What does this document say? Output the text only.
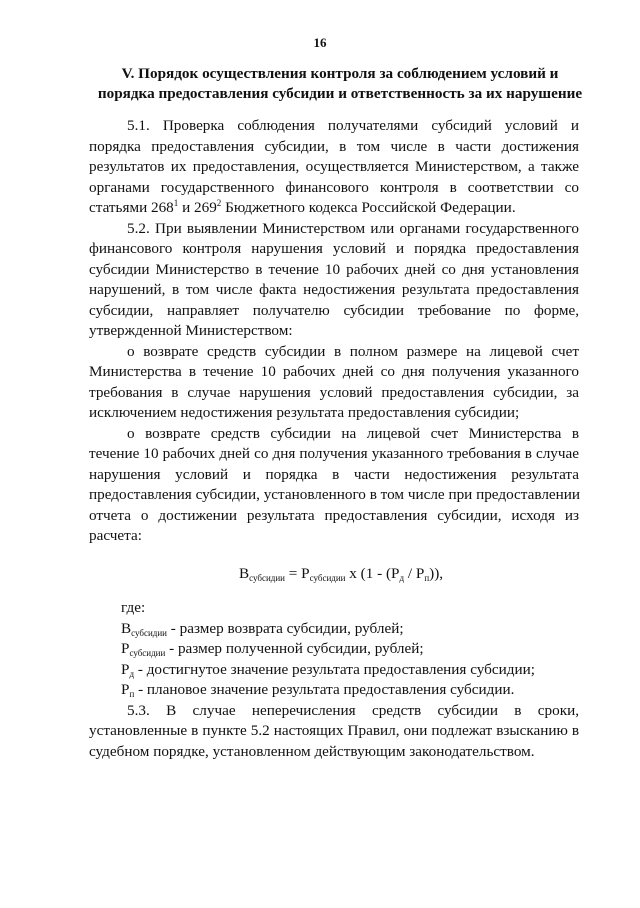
16
V. Порядок осуществления контроля за соблюдением условий и
порядка предоставления субсидии и ответственность за их нарушение

5.1. Проверка соблюдения получателями субсидий условий и
порядка предоставления субсидии, в том числе в части достижения
результатов их предоставления, осуществляется Министерством, а также
органами государственного финансового контроля в соответствии со
статьями $268^1$ и $269^2$ Бюджетного кодекса Российской Федерации.

5.2. При выявлении Министерством или органами государственного
финансового контроля нарушения условий и порядка предоставления
субсидии Министерство в течение 10 рабочих дней со дня установления
нарушений, в том числе факта недостижения результата предоставления
субсидии, направляет получателю субсидии требование по форме,
утвержденной Министерством:

о возврате средств субсидии в полном размере на лицевой счет
Министерства в течение 10 рабочих дней со дня получения указанного
требования в случае нарушения условий предоставления субсидии, за
исключением недостижения результата предоставления субсидии;

о возврате средств субсидии на лицевой счет Министерства в
течение 10 рабочих дней со дня получения указанного требования в случае
нарушения условий и порядка в части недостижения результата
предоставления субсидии, установленного в том числе при предоставлении
отчета о достижении результата предоставления субсидии, исходя из
расчета:

$В_{субсидии} = Р_{субсидии}$ х $(1 - (Р_д / Р_п))$,
где:
$В_{субсидии}$ - размер возврата субсидии, рублей;
$Р_{субсидии}$ - размер полученной субсидии, рублей;
$Р_д$ - достигнутое значение результата предоставления субсидии;
$Р_п$ - плановое значение результата предоставления субсидии.

5.3. В случае неперечисления средств субсидии в сроки,
установленные в пункте 5.2 настоящих Правил, они подлежат взысканию в
судебном порядке, установленном действующим законодательством.
